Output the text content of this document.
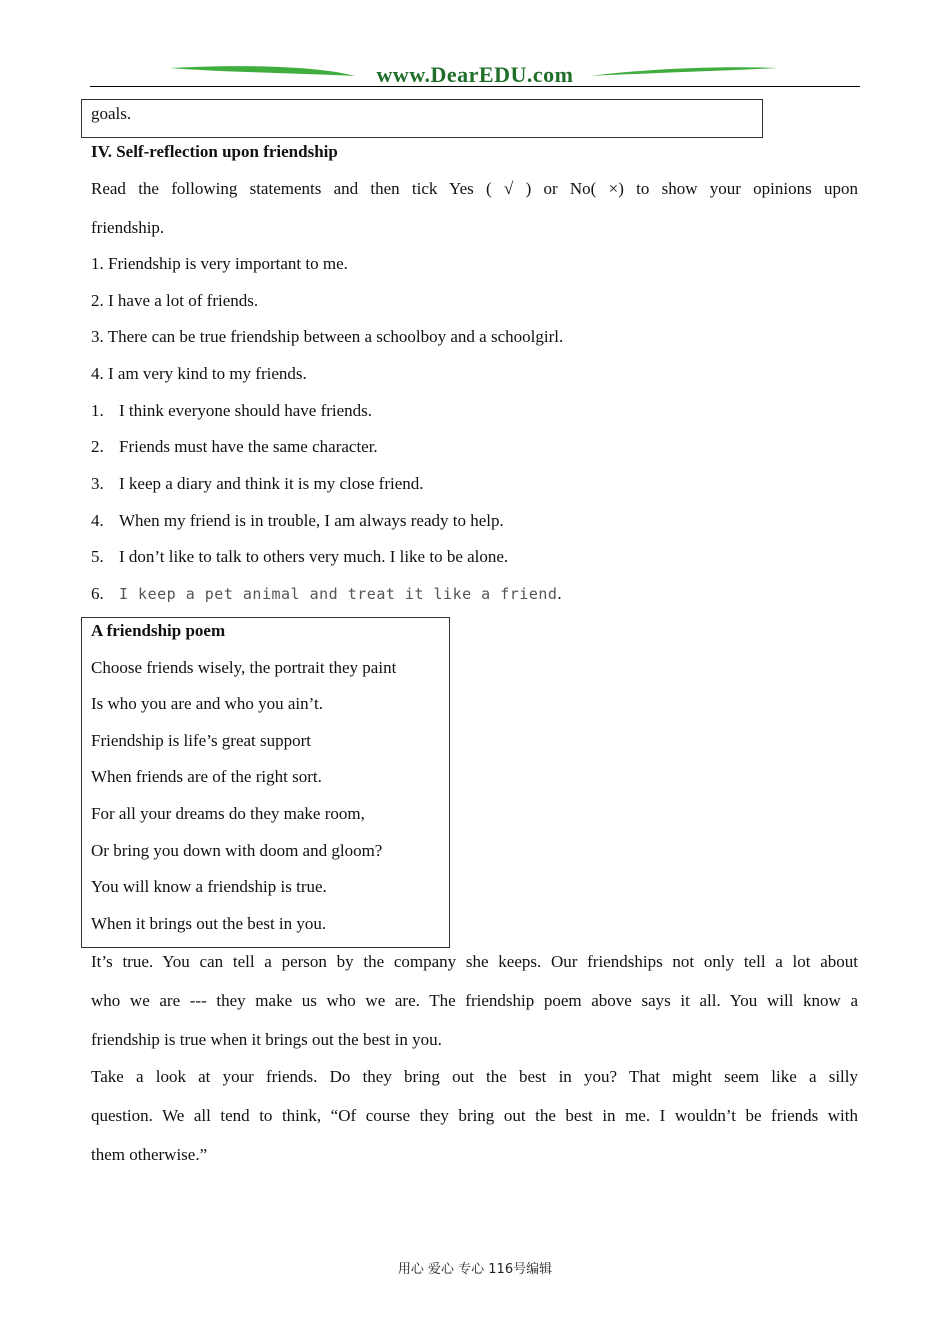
www.DearEDU.com
goals.
IV. Self-reflection upon friendship
Read the following statements and then tick Yes ( √ ) or No( ×) to show your opinions upon
friendship.
1. Friendship is very important to me.
2. I have a lot of friends.
3. There can be true friendship between a schoolboy and a schoolgirl.
4. I am very kind to my friends.
1. I think everyone should have friends.
2. Friends must have the same character.
3. I keep a diary and think it is my close friend.
4. When my friend is in trouble, I am always ready to help.
5. I don’t like to talk to others very much. I like to be alone.
6. I keep a pet animal and treat it like a friend.
A friendship poem
Choose friends wisely, the portrait they paint
Is who you are and who you ain’t.
Friendship is life’s great support
When friends are of the right sort.
For all your dreams do they make room,
Or bring you down with doom and gloom?
You will know a friendship is true.
When it brings out the best in you.
It’s true. You can tell a person by the company she keeps. Our friendships not only tell a lot about
who we are --- they make us who we are. The friendship poem above says it all. You will know a
friendship is true when it brings out the best in you.
Take a look at your friends. Do they bring out the best in you? That might seem like a silly
question. We all tend to think, “Of course they bring out the best in me. I wouldn’t be friends with
them otherwise.”
用心 爱心 专心 116号编辑
